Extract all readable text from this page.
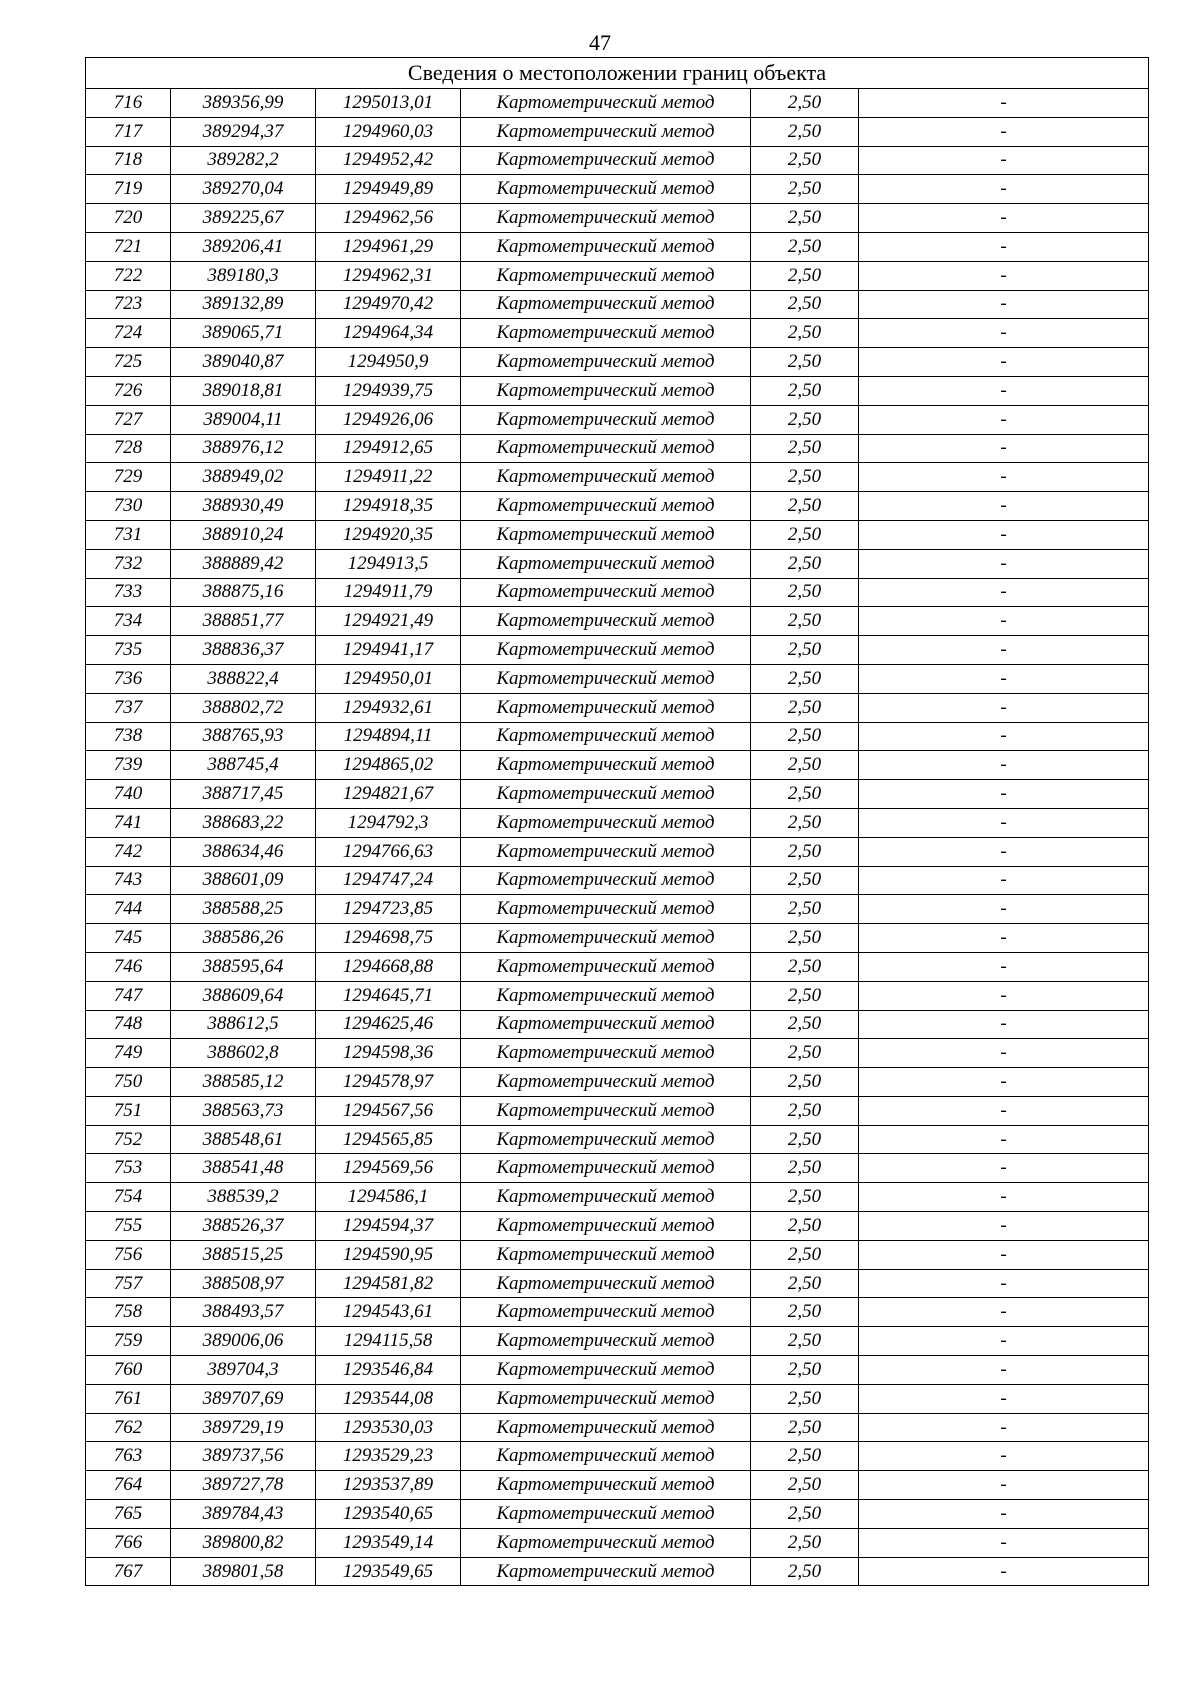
47
Сведения о местоположении границ объекта					
716	389356,99	1295013,01	Картометрический метод	2,50	-
717	389294,37	1294960,03	Картометрический метод	2,50	-
718	389282,2	1294952,42	Картометрический метод	2,50	-
719	389270,04	1294949,89	Картометрический метод	2,50	-
720	389225,67	1294962,56	Картометрический метод	2,50	-
721	389206,41	1294961,29	Картометрический метод	2,50	-
722	389180,3	1294962,31	Картометрический метод	2,50	-
723	389132,89	1294970,42	Картометрический метод	2,50	-
724	389065,71	1294964,34	Картометрический метод	2,50	-
725	389040,87	1294950,9	Картометрический метод	2,50	-
726	389018,81	1294939,75	Картометрический метод	2,50	-
727	389004,11	1294926,06	Картометрический метод	2,50	-
728	388976,12	1294912,65	Картометрический метод	2,50	-
729	388949,02	1294911,22	Картометрический метод	2,50	-
730	388930,49	1294918,35	Картометрический метод	2,50	-
731	388910,24	1294920,35	Картометрический метод	2,50	-
732	388889,42	1294913,5	Картометрический метод	2,50	-
733	388875,16	1294911,79	Картометрический метод	2,50	-
734	388851,77	1294921,49	Картометрический метод	2,50	-
735	388836,37	1294941,17	Картометрический метод	2,50	-
736	388822,4	1294950,01	Картометрический метод	2,50	-
737	388802,72	1294932,61	Картометрический метод	2,50	-
738	388765,93	1294894,11	Картометрический метод	2,50	-
739	388745,4	1294865,02	Картометрический метод	2,50	-
740	388717,45	1294821,67	Картометрический метод	2,50	-
741	388683,22	1294792,3	Картометрический метод	2,50	-
742	388634,46	1294766,63	Картометрический метод	2,50	-
743	388601,09	1294747,24	Картометрический метод	2,50	-
744	388588,25	1294723,85	Картометрический метод	2,50	-
745	388586,26	1294698,75	Картометрический метод	2,50	-
746	388595,64	1294668,88	Картометрический метод	2,50	-
747	388609,64	1294645,71	Картометрический метод	2,50	-
748	388612,5	1294625,46	Картометрический метод	2,50	-
749	388602,8	1294598,36	Картометрический метод	2,50	-
750	388585,12	1294578,97	Картометрический метод	2,50	-
751	388563,73	1294567,56	Картометрический метод	2,50	-
752	388548,61	1294565,85	Картометрический метод	2,50	-
753	388541,48	1294569,56	Картометрический метод	2,50	-
754	388539,2	1294586,1	Картометрический метод	2,50	-
755	388526,37	1294594,37	Картометрический метод	2,50	-
756	388515,25	1294590,95	Картометрический метод	2,50	-
757	388508,97	1294581,82	Картометрический метод	2,50	-
758	388493,57	1294543,61	Картометрический метод	2,50	-
759	389006,06	1294115,58	Картометрический метод	2,50	-
760	389704,3	1293546,84	Картометрический метод	2,50	-
761	389707,69	1293544,08	Картометрический метод	2,50	-
762	389729,19	1293530,03	Картометрический метод	2,50	-
763	389737,56	1293529,23	Картометрический метод	2,50	-
764	389727,78	1293537,89	Картометрический метод	2,50	-
765	389784,43	1293540,65	Картометрический метод	2,50	-
766	389800,82	1293549,14	Картометрический метод	2,50	-
767	389801,58	1293549,65	Картометрический метод	2,50	-
